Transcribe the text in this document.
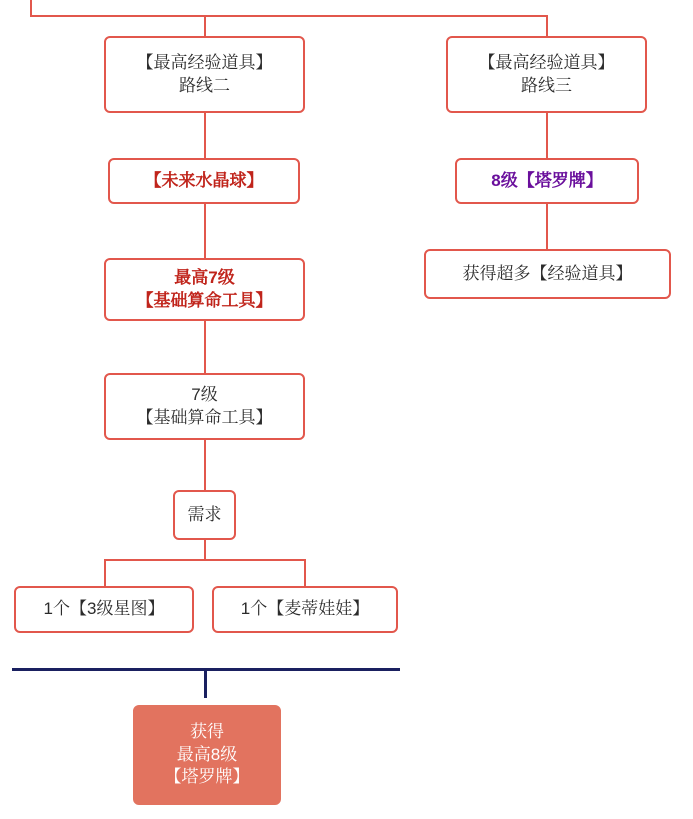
【最高经验道具】
路线二
【最高经验道具】
路线三
【未来水晶球】	8级【塔罗牌】
最高7级
【基础算命工具】
获得超多【经验道具】
7级
【基础算命工具】
需求
1个【3级星图】	1个【麦蒂娃娃】
获得
最高8级
【塔罗牌】
